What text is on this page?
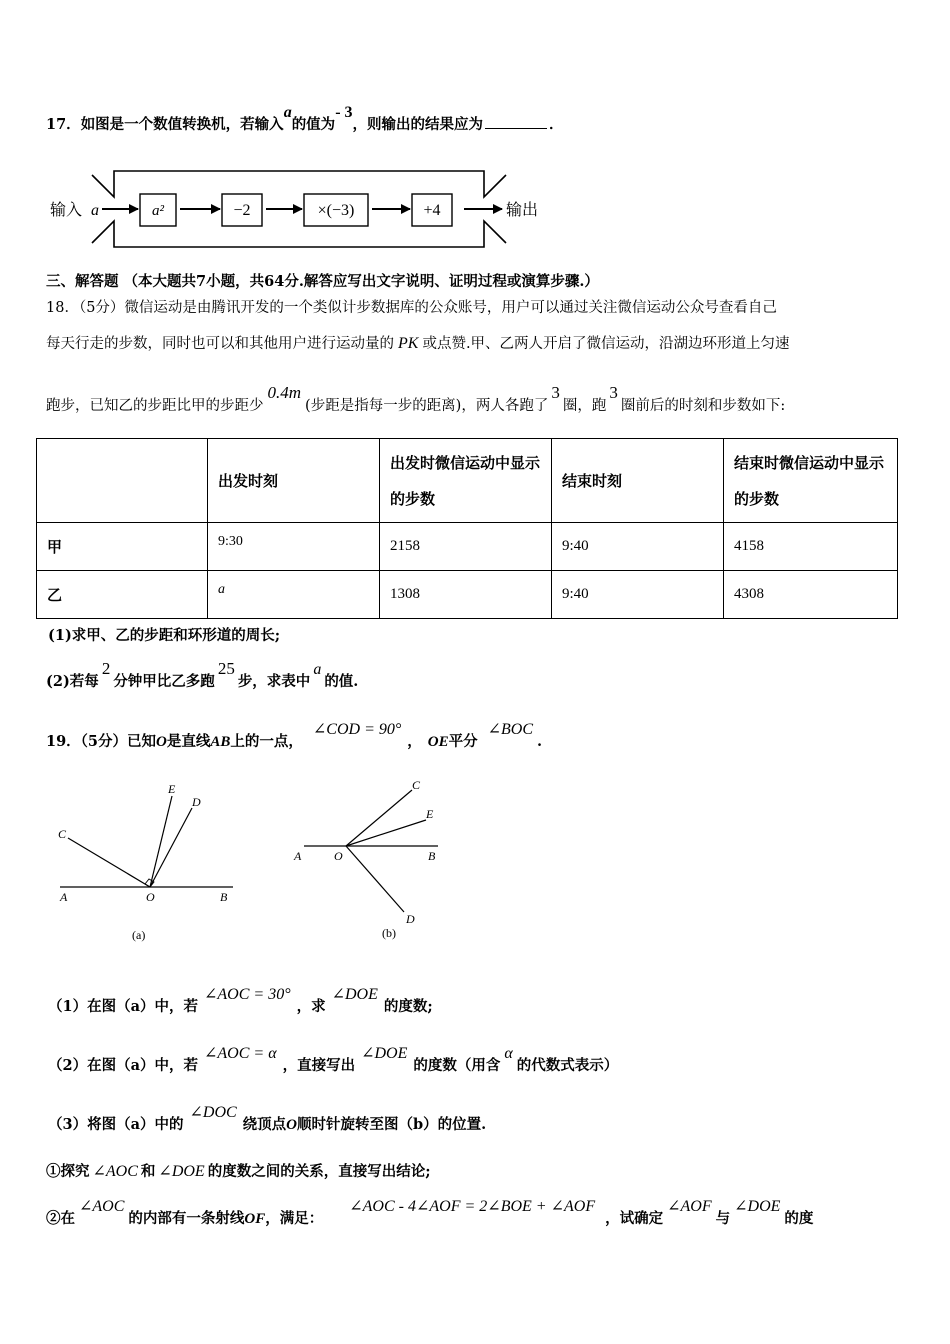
17．如图是一个数值转换机，若输入a的值为- 3，则输出的结果应为	．
输入 a	a²	−2	×(−3)	+4	输出
三、解答题 （本大题共7小题，共64分.解答应写出文字说明、证明过程或演算步骤.）
18．（5分）微信运动是由腾讯开发的一个类似计步数据库的公众账号，用户可以通过关注微信运动公众号查看自己
每天行走的步数，同时也可以和其他用户进行运动量的 PK 或点赞.甲、乙两人开启了微信运动，沿湖边环形道上匀速
跑步，已知乙的步距比甲的步距少0.4m(步距是指每一步的距离)，两人各跑了3圈，跑3圈前后的时刻和步数如下:
	出发时刻	出发时微信运动中显示的步数	结束时刻	结束时微信运动中显示的步数
甲	9:30	2158	9:40	4158
乙	a	1308	9:40	4308
(1)求甲、乙的步距和环形道的周长;
(2)若每2分钟甲比乙多跑25步，求表中a的值.
19．（5分）已知O是直线AB上的一点，∠COD = 90°， OE平分∠BOC.
C
E
D
A	O	B
(a)
C
E
A	O	B
D
(b)
（1）在图（a）中，若∠AOC = 30°，求∠DOE的度数;
（2）在图（a）中，若∠AOC = α，直接写出∠DOE的度数（用含α的代数式表示）
（3）将图（a）中的∠DOC绕顶点O顺时针旋转至图（b）的位置.
①探究 ∠AOC 和 ∠DOE 的度数之间的关系，直接写出结论;
②在∠AOC的内部有一条射线OF，满足：∠AOC - 4∠AOF = 2∠BOE + ∠AOF，试确定∠AOF与∠DOE的度
